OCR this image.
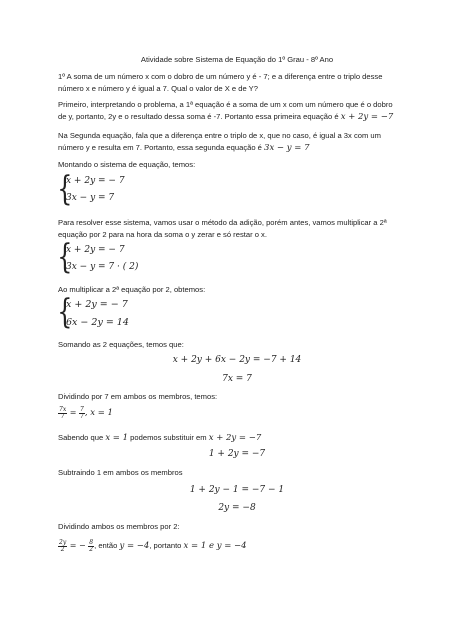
Atividade sobre Sistema de Equação do 1º Grau - 8º Ano
1º A soma de um número x com o dobro de um número y é - 7; e a diferença entre o triplo desse
número x e número y é igual a 7. Qual o valor de X e de Y?
Primeiro, interpretando o problema, a 1ª equação é a soma de um x com um número que é o dobro
de y, portanto, 2y e o resultado dessa soma é -7. Portanto essa primeira equação é x + 2y = −7
Na Segunda equação, fala que a diferença entre o triplo de x, que no caso, é igual a 3x com um
número y e resulta em 7. Portanto, essa segunda equação é 3x − y = 7
Montando o sistema de equação, temos:
{
x + 2y = − 7
3x − y = 7
Para resolver esse sistema, vamos usar o método da adição, porém antes, vamos multiplicar a 2ª
equação por 2 para na hora da soma o y zerar e só restar o x.
{
x + 2y = − 7
3x − y = 7 · ( 2)
Ao multiplicar a 2ª equação por 2, obtemos:
{
x + 2y = − 7
6x − 2y = 14
Somando as 2 equações, temos que:
x + 2y + 6x − 2y = −7 + 14
7x = 7
Dividindo por 7 em ambos os membros, temos:
$\frac{7x}{7} = \frac{7}{7}$ , x = 1
Sabendo que x = 1 podemos substituir em x + 2y = −7
1 + 2y = −7
Subtraindo 1 em ambos os membros
1 + 2y − 1 = −7 − 1
2y = −8
Dividindo ambos os membros por 2:
$\frac{2y}{2}$ = − $\frac{8}{2}$ , então y = −4, portanto x = 1 e y = −4
